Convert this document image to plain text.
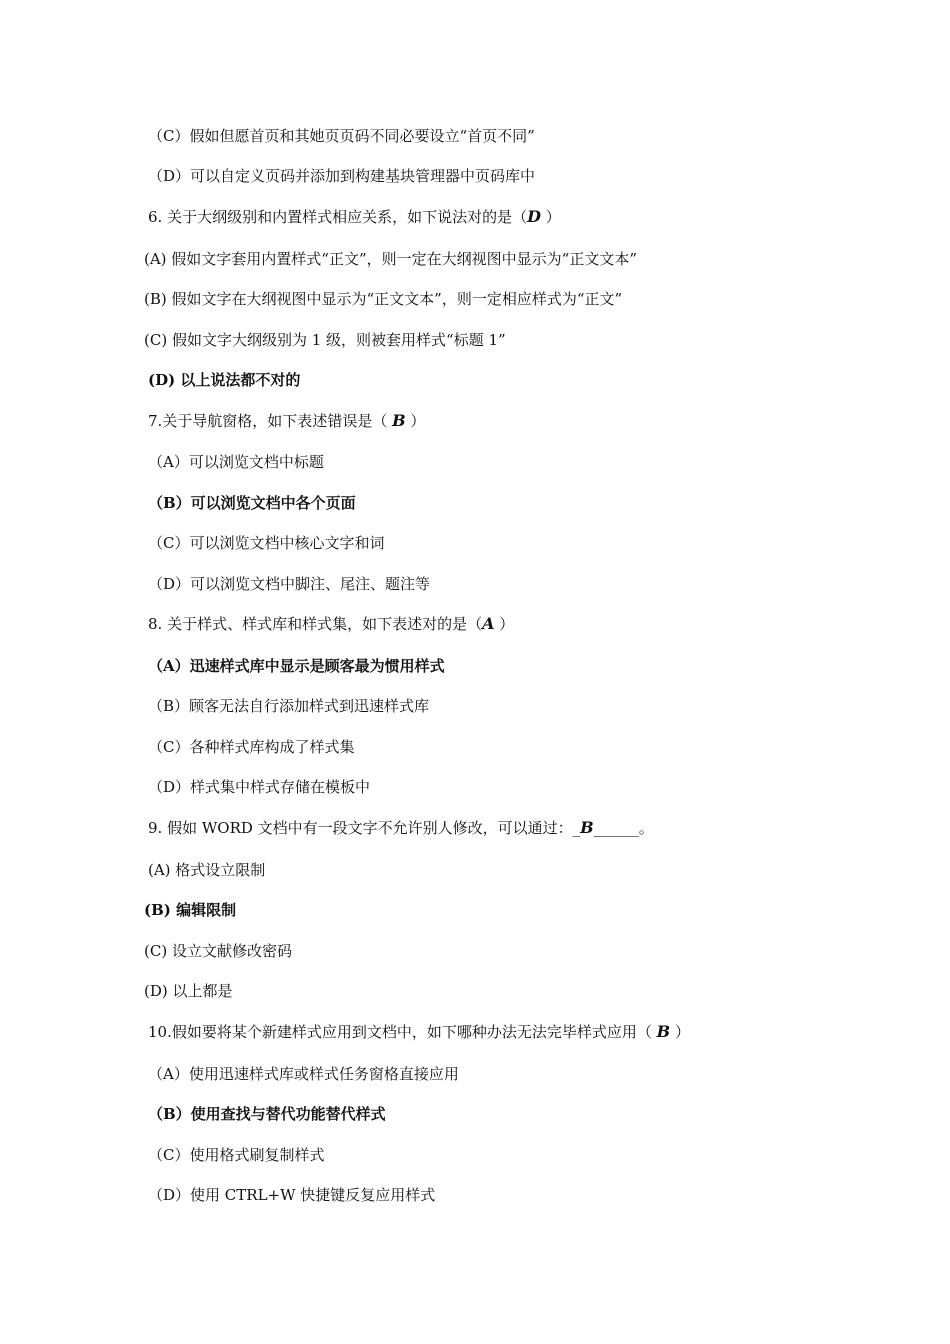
（C）假如但愿首页和其她页页码不同必要设立“首页不同”
（D）可以自定义页码并添加到构建基块管理器中页码库中
6. 关于大纲级别和内置样式相应关系，如下说法对的是（D ）
(A) 假如文字套用内置样式“正文”，则一定在大纲视图中显示为“正文文本”
(B) 假如文字在大纲视图中显示为“正文文本”，则一定相应样式为“正文”
(C) 假如文字大纲级别为 1 级，则被套用样式“标题 1”
(D) 以上说法都不对的
7.关于导航窗格，如下表述错误是（ B ）
（A）可以浏览文档中标题
（B）可以浏览文档中各个页面
（C）可以浏览文档中核心文字和词
（D）可以浏览文档中脚注、尾注、题注等
8. 关于样式、样式库和样式集，如下表述对的是（A ）
（A）迅速样式库中显示是顾客最为惯用样式
（B）顾客无法自行添加样式到迅速样式库
（C）各种样式库构成了样式集
（D）样式集中样式存储在模板中
9. 假如 WORD 文档中有一段文字不允许别人修改，可以通过：_B______。
(A) 格式设立限制
(B) 编辑限制
(C) 设立文献修改密码
(D) 以上都是
10.假如要将某个新建样式应用到文档中，如下哪种办法无法完毕样式应用（ B ）
（A）使用迅速样式库或样式任务窗格直接应用
（B）使用查找与替代功能替代样式
（C）使用格式刷复制样式
（D）使用 CTRL+W 快捷键反复应用样式
